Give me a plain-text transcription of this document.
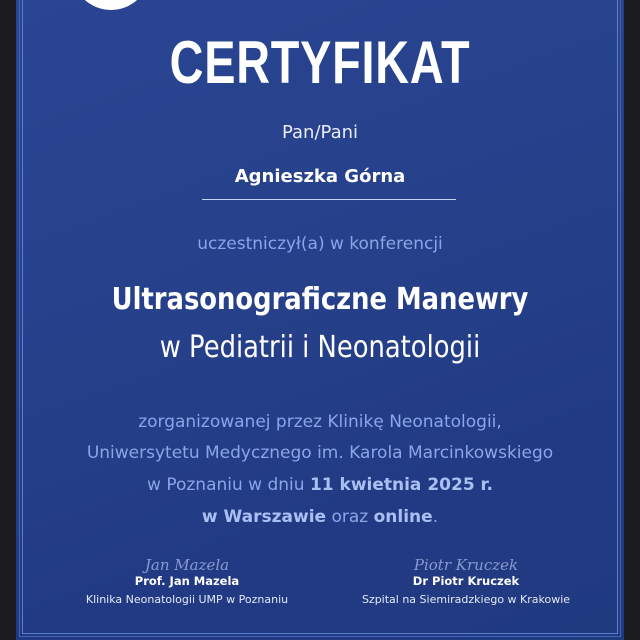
CERTYFIKAT
Pan/Pani
Agnieszka Górna
uczestniczył(a) w konferencji
Ultrasonograficzne Manewry
w Pediatrii i Neonatologii
zorganizowanej przez Klinikę Neonatologii,
Uniwersytetu Medycznego im. Karola Marcinkowskiego
w Poznaniu w dniu 11 kwietnia 2025 r.
w Warszawie oraz online.
Jan Mazela
Prof. Jan Mazela
Klinika Neonatologii UMP w Poznaniu
Piotr Kruczek
Dr Piotr Kruczek
Szpital na Siemiradzkiego w Krakowie
